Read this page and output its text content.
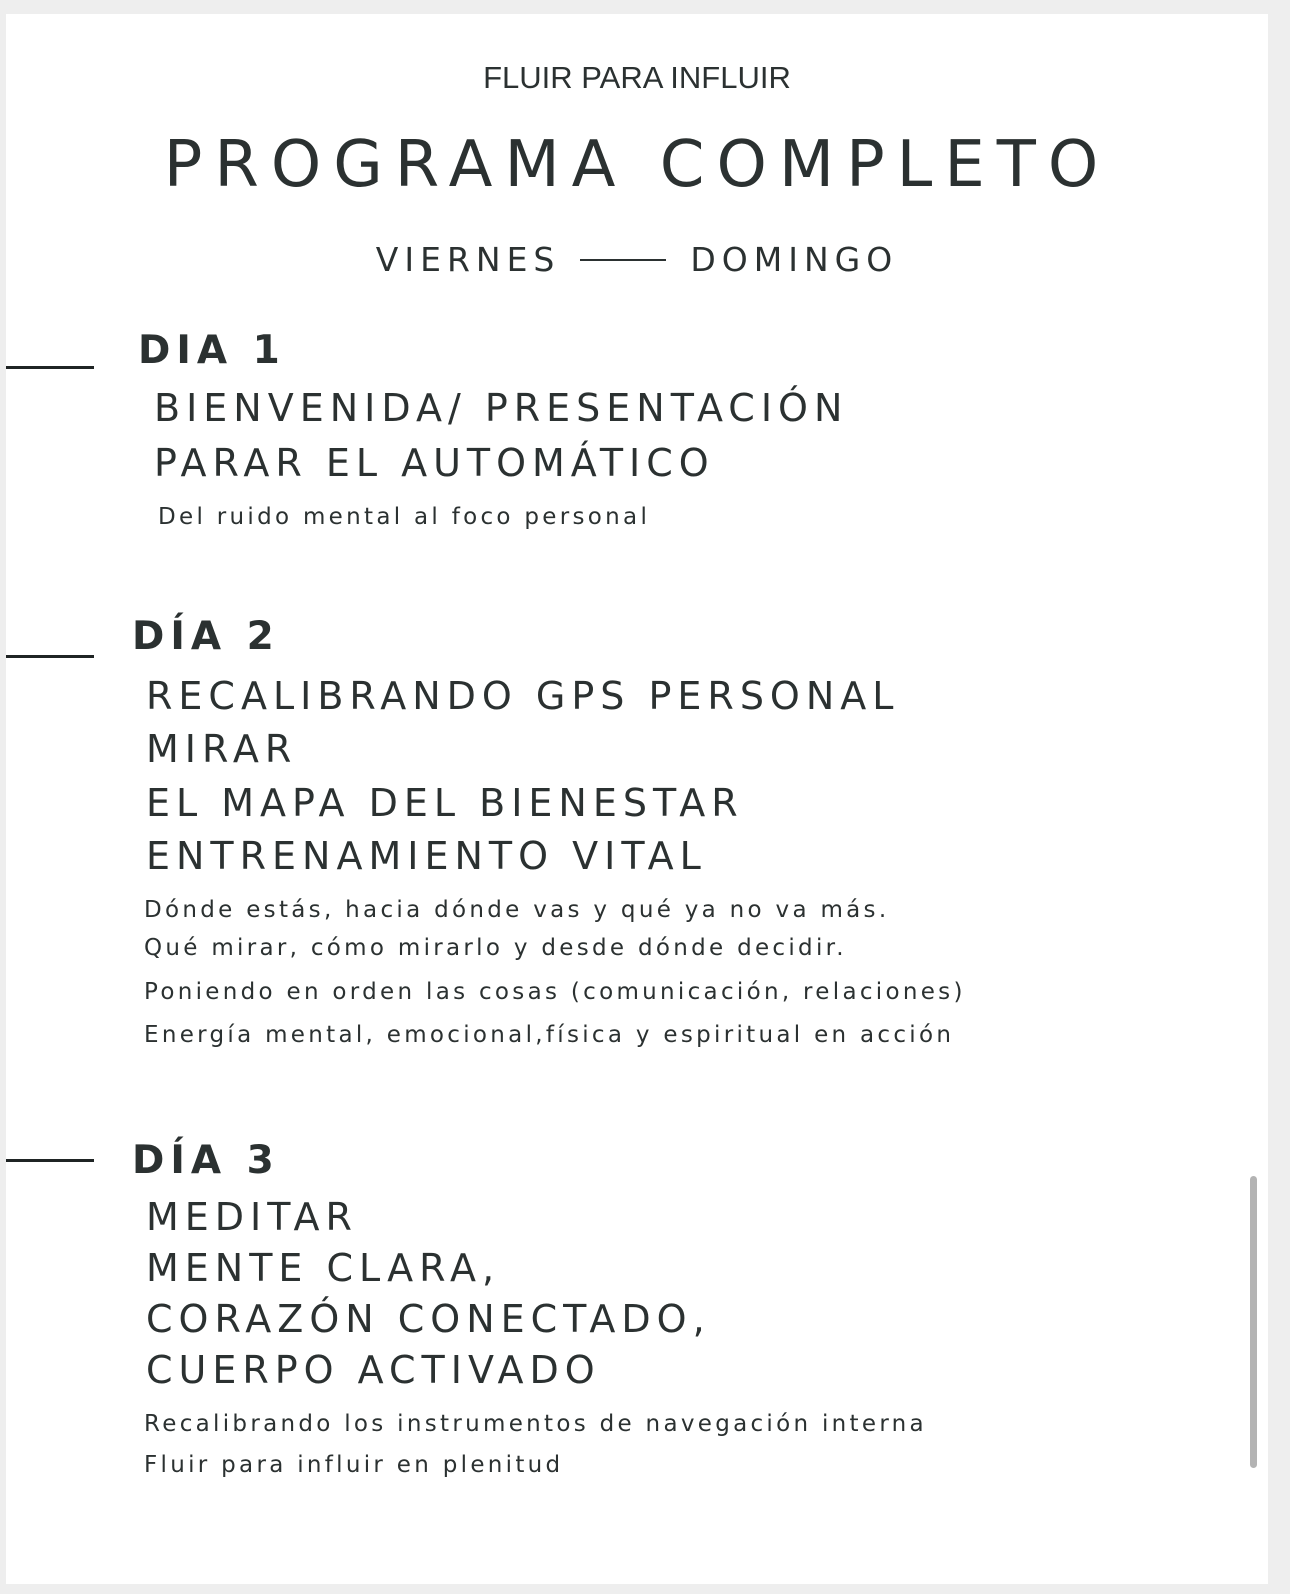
FLUIR PARA INFLUIR
PROGRAMA COMPLETO
VIERNES	DOMINGO
DIA 1
BIENVENIDA/ PRESENTACIÓN
PARAR EL AUTOMÁTICO
Del ruido mental al foco personal
DÍA 2
RECALIBRANDO GPS PERSONAL
MIRAR
EL MAPA DEL BIENESTAR
ENTRENAMIENTO VITAL
Dónde estás, hacia dónde vas y qué ya no va más.
Qué mirar, cómo mirarlo y desde dónde decidir.
Poniendo en orden las cosas (comunicación, relaciones)
Energía mental, emocional,física y espiritual en acción
DÍA 3
MEDITAR
MENTE CLARA,
CORAZÓN CONECTADO,
CUERPO ACTIVADO
Recalibrando los instrumentos de navegación interna
Fluir para influir en plenitud
